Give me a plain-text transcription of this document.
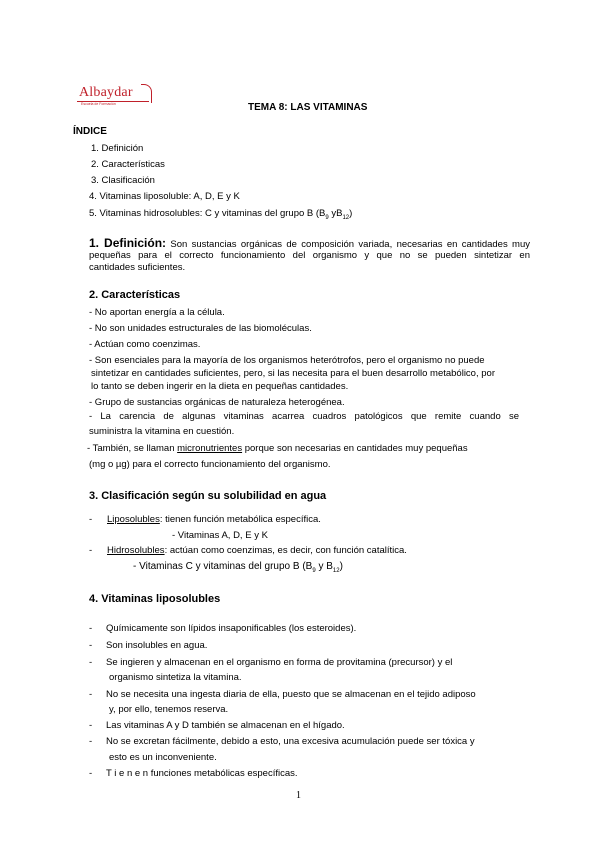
Albaydar
Escuela de Formación	TEMA 8: LAS VITAMINAS
ÍNDICE
1. Definición
2. Características
3. Clasificación
4. Vitaminas liposoluble: A, D, E y K
5. Vitaminas hidrosolubles: C y vitaminas del grupo B ($B_9$ $yB_{12}$)
1. Definición: Son sustancias orgánicas de composición variada, necesarias en cantidades muy
pequeñas para el correcto funcionamiento del organismo y que no se pueden sintetizar en
cantidades suficientes.
2. Características
- No aportan energía a la célula.
- No son unidades estructurales de las biomoléculas.
- Actúan como coenzimas.
- Son esenciales para la mayoría de los organismos heterótrofos, pero el organismo no puede
sintetizar en cantidades suficientes, pero, si las necesita para el buen desarrollo metabólico, por
lo tanto se deben ingerir en la dieta en pequeñas cantidades.
- Grupo de sustancias orgánicas de naturaleza heterogénea.
- La carencia de algunas vitaminas acarrea cuadros patológicos que remite cuando se
suministra la vitamina en cuestión.
- También, se llaman micronutrientes porque son necesarias en cantidades muy pequeñas
(mg o µg) para el correcto funcionamiento del organismo.
3. Clasificación según su solubilidad en agua
- Liposolubles: tienen función metabólica específica.
- Vitaminas A, D, E y K
- Hidrosolubles: actúan como coenzimas, es decir, con función catalítica.
- Vitaminas C y vitaminas del grupo B ($B_9$ y $B_{12}$)
4. Vitaminas liposolubles
- Químicamente son lípidos insaponificables (los esteroides).
- Son insolubles en agua.
- Se ingieren y almacenan en el organismo en forma de provitamina (precursor) y el
organismo sintetiza la vitamina.
- No se necesita una ingesta diaria de ella, puesto que se almacenan en el tejido adiposo
y, por ello, tenemos reserva.
- Las vitaminas A y D también se almacenan en el hígado.
- No se excretan fácilmente, debido a esto, una excesiva acumulación puede ser tóxica y
esto es un inconveniente.
- T i e n e n funciones metabólicas específicas.
1
